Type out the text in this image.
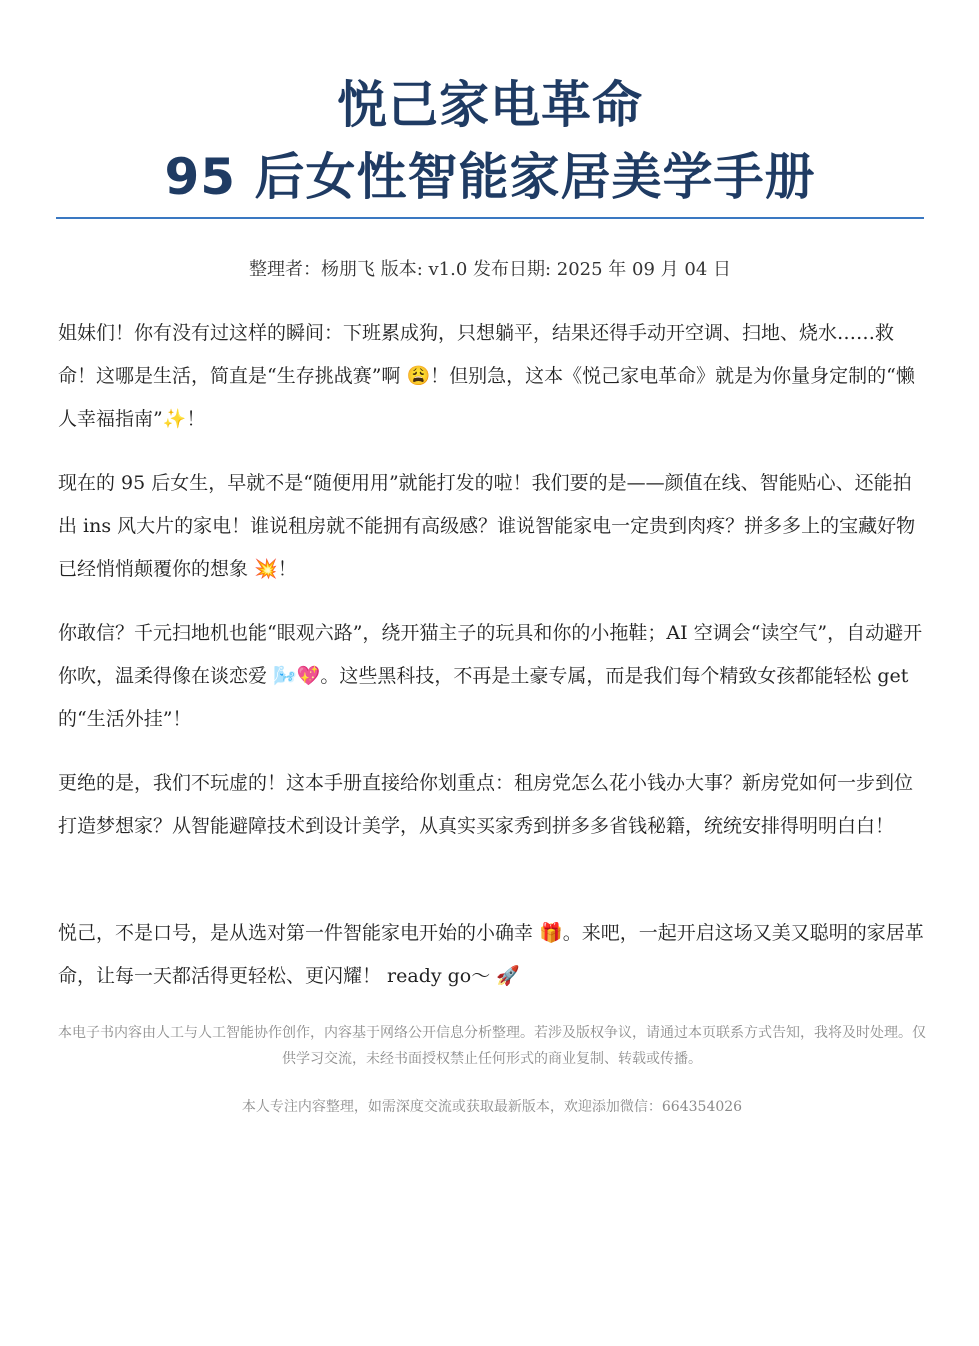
悦己家电革命
95 后女性智能家居美学手册
整理者：杨朋飞 版本: v1.0 发布日期: 2025 年 09 月 04 日

姐妹们！你有没有过这样的瞬间：下班累成狗，只想躺平，结果还得手动开空调、扫地、烧水……救命！这哪是生活，简直是“生存挑战赛”啊 😩！但别急，这本《悦己家电革命》就是为你量身定制的“懒人幸福指南”✨！

现在的 95 后女生，早就不是“随便用用”就能打发的啦！我们要的是——颜值在线、智能贴心、还能拍出 ins 风大片的家电！谁说租房就不能拥有高级感？谁说智能家电一定贵到肉疼？拼多多上的宝藏好物已经悄悄颠覆你的想象 💥！

你敢信？千元扫地机也能“眼观六路”，绕开猫主子的玩具和你的小拖鞋；AI 空调会“读空气”，自动避开你吹，温柔得像在谈恋爱 🌬️💖。这些黑科技，不再是土豪专属，而是我们每个精致女孩都能轻松 get 的“生活外挂”！

更绝的是，我们不玩虚的！这本手册直接给你划重点：租房党怎么花小钱办大事？新房党如何一步到位打造梦想家？从智能避障技术到设计美学，从真实买家秀到拼多多省钱秘籍，统统安排得明明白白！

悦己，不是口号，是从选对第一件智能家电开始的小确幸 🎁。来吧，一起开启这场又美又聪明的家居革命，让每一天都活得更轻松、更闪耀！ ready go～ 🚀

本电子书内容由人工与人工智能协作创作，内容基于网络公开信息分析整理。若涉及版权争议，请通过本页联系方式告知，我将及时处理。仅供学习交流，未经书面授权禁止任何形式的商业复制、转载或传播。
本人专注内容整理，如需深度交流或获取最新版本，欢迎添加微信：664354026
